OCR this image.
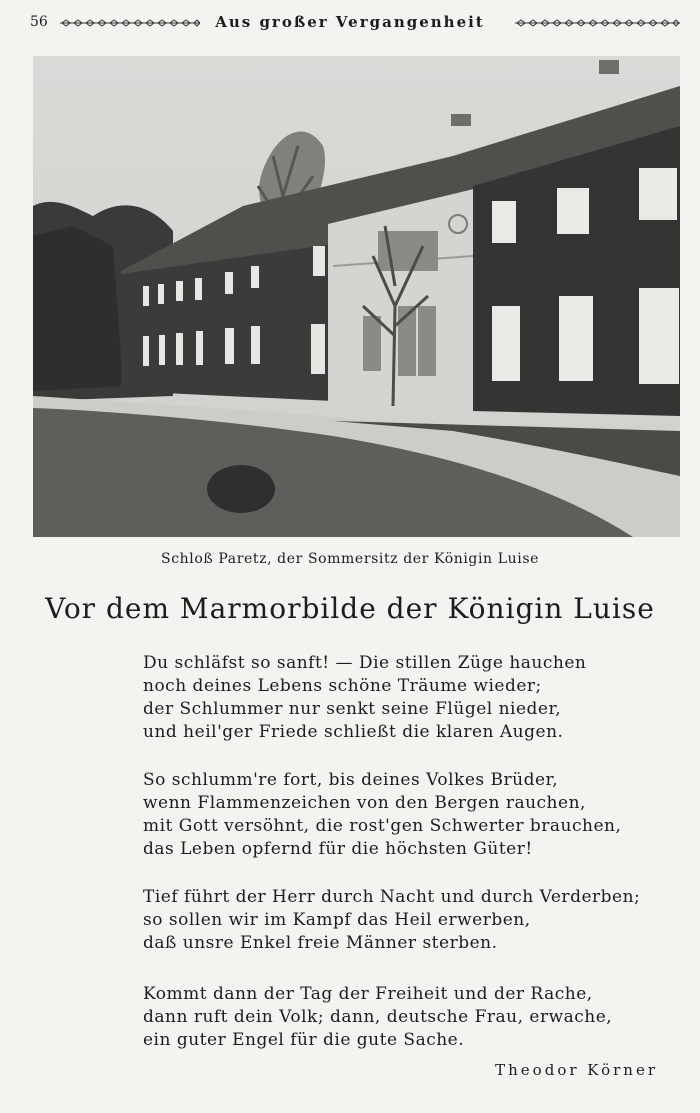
56	Aus großer Vergangenheit
Schloß Paretz, der Sommersitz der Königin Luise
Vor dem Marmorbilde der Königin Luise
Du schläfst so sanft! — Die stillen Züge hauchen
noch deines Lebens schöne Träume wieder;
der Schlummer nur senkt seine Flügel nieder,
und heil'ger Friede schließt die klaren Augen.
So schlumm're fort, bis deines Volkes Brüder,
wenn Flammenzeichen von den Bergen rauchen,
mit Gott versöhnt, die rost'gen Schwerter brauchen,
das Leben opfernd für die höchsten Güter!
Tief führt der Herr durch Nacht und durch Verderben;
so sollen wir im Kampf das Heil erwerben,
daß unsre Enkel freie Männer sterben.
Kommt dann der Tag der Freiheit und der Rache,
dann ruft dein Volk; dann, deutsche Frau, erwache,
ein guter Engel für die gute Sache.
Theodor Körner
